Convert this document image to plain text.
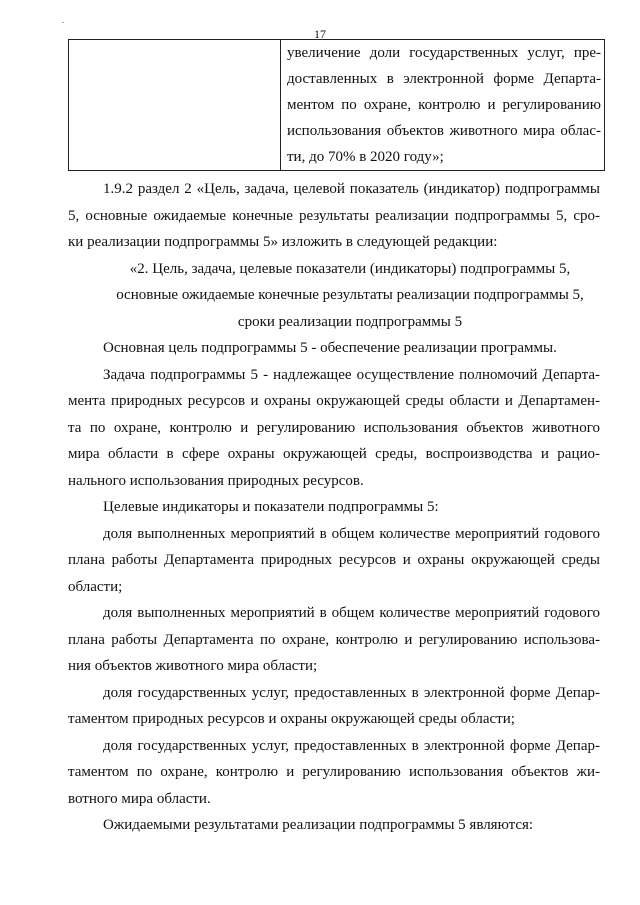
17
увеличение доли государственных услуг, пре-
доставленных в электронной форме Департа-
ментом по охране, контролю и регулированию
использования объектов животного мира облас-
ти, до 70% в 2020 году»;
1.9.2 раздел 2 «Цель, задача, целевой показатель (индикатор) подпрограммы
5, основные ожидаемые конечные результаты реализации подпрограммы 5, сро-
ки реализации подпрограммы 5» изложить в следующей редакции:
«2. Цель, задача, целевые показатели (индикаторы) подпрограммы 5,
основные ожидаемые конечные результаты реализации подпрограммы 5,
сроки реализации подпрограммы 5
Основная цель подпрограммы 5 - обеспечение реализации программы.
Задача подпрограммы 5 - надлежащее осуществление полномочий Департа-
мента природных ресурсов и охраны окружающей среды области и Департамен-
та по охране, контролю и регулированию использования объектов животного
мира области в сфере охраны окружающей среды, воспроизводства и рацио-
нального использования природных ресурсов.
Целевые индикаторы и показатели подпрограммы 5:
доля выполненных мероприятий в общем количестве мероприятий годового
плана работы Департамента природных ресурсов и охраны окружающей среды
области;
доля выполненных мероприятий в общем количестве мероприятий годового
плана работы Департамента по охране, контролю и регулированию использова-
ния объектов животного мира области;
доля государственных услуг, предоставленных в электронной форме Депар-
таментом природных ресурсов и охраны окружающей среды области;
доля государственных услуг, предоставленных в электронной форме Депар-
таментом по охране, контролю и регулированию использования объектов жи-
вотного мира области.
Ожидаемыми результатами реализации подпрограммы 5 являются:
